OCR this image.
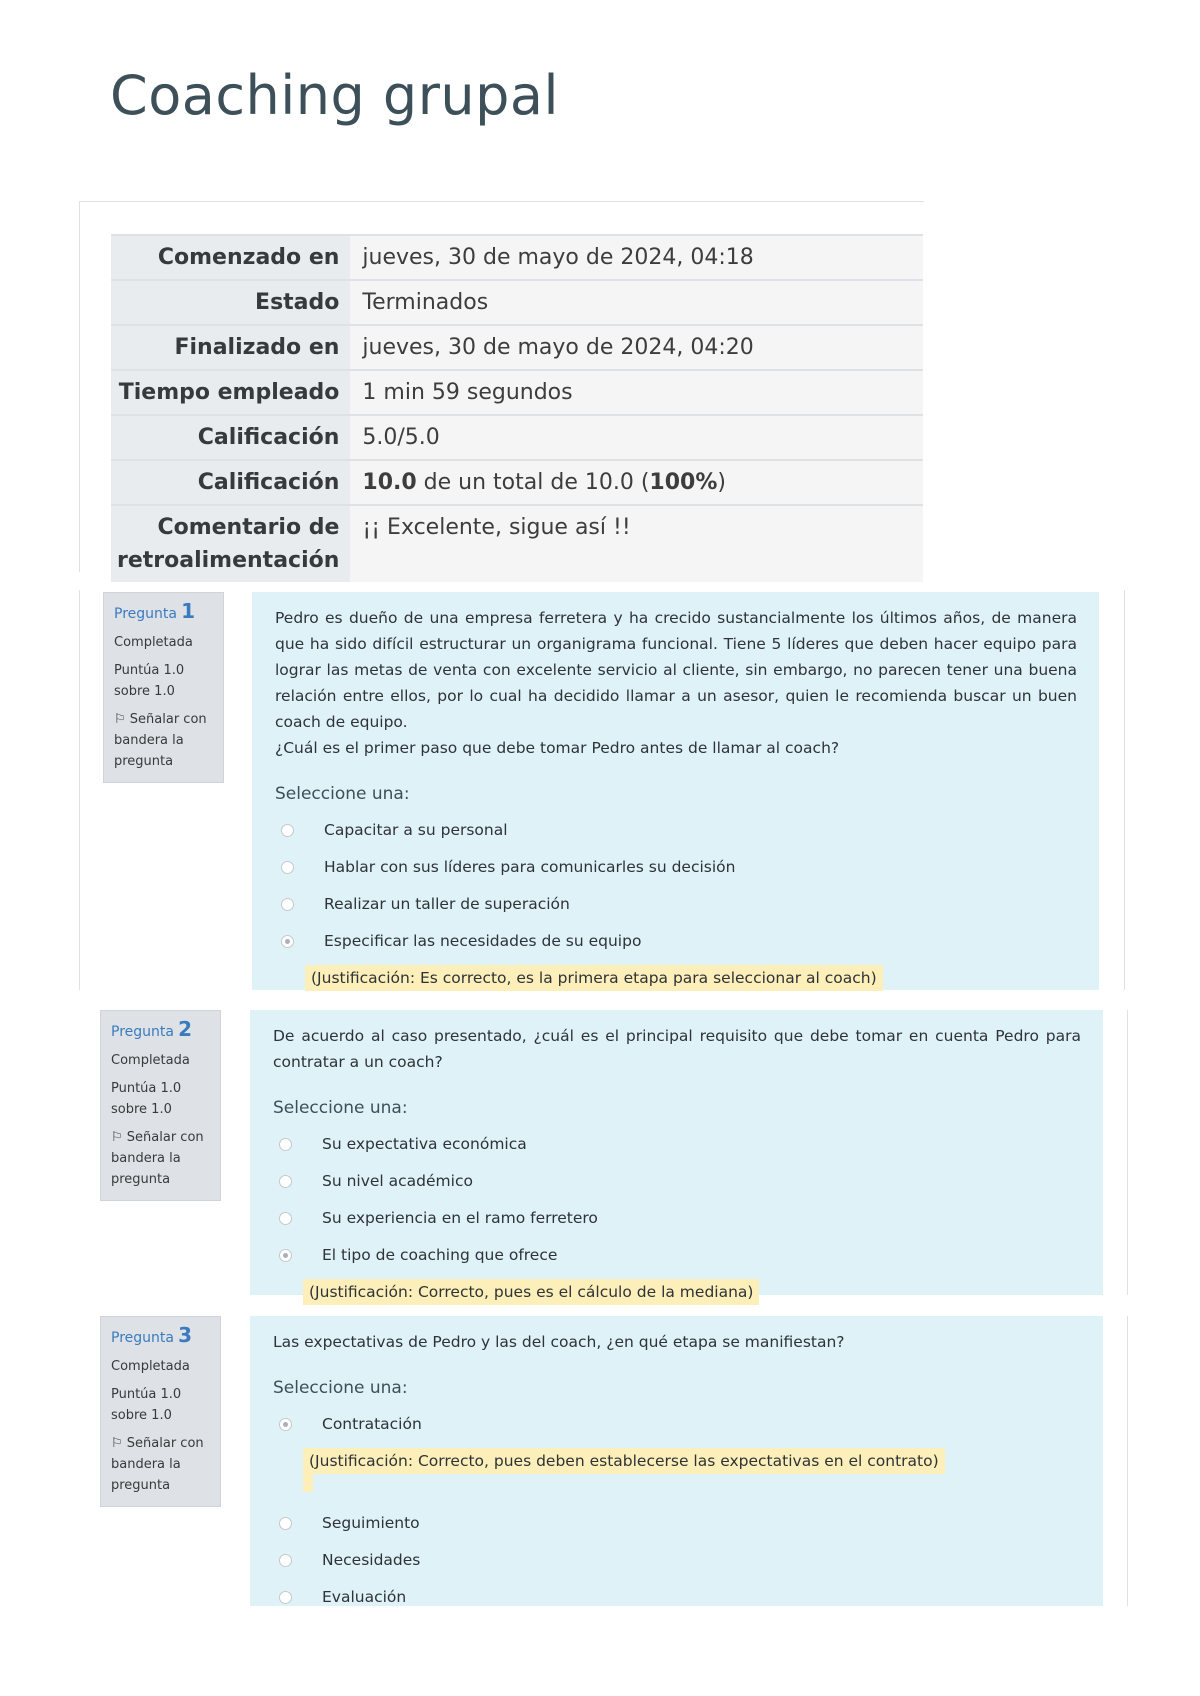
Coaching grupal
Comenzado en	jueves, 30 de mayo de 2024, 04:18
Estado	Terminados
Finalizado en	jueves, 30 de mayo de 2024, 04:20
Tiempo empleado	1 min 59 segundos
Calificación	5.0/5.0
Calificación	10.0 de un total de 10.0 (100%)
Comentario de retroalimentación	¡¡ Excelente, sigue así !!
Pregunta 1
Completada
Puntúa 1.0 sobre 1.0
⚐ Señalar con bandera la pregunta
Pedro es dueño de una empresa ferretera y ha crecido sustancialmente los últimos años, de manera que ha sido difícil estructurar un organigrama funcional. Tiene 5 líderes que deben hacer equipo para lograr las metas de venta con excelente servicio al cliente, sin embargo, no parecen tener una buena relación entre ellos, por lo cual ha decidido llamar a un asesor, quien le recomienda buscar un buen coach de equipo.
¿Cuál es el primer paso que debe tomar Pedro antes de llamar al coach?
Seleccione una:
Capacitar a su personal
Hablar con sus líderes para comunicarles su decisión
Realizar un taller de superación
Especificar las necesidades de su equipo
(Justificación: Es correcto, es la primera etapa para seleccionar al coach)
Pregunta 2
Completada
Puntúa 1.0 sobre 1.0
⚐ Señalar con bandera la pregunta
De acuerdo al caso presentado, ¿cuál es el principal requisito que debe tomar en cuenta Pedro para contratar a un coach?
Seleccione una:
Su expectativa económica
Su nivel académico
Su experiencia en el ramo ferretero
El tipo de coaching que ofrece
(Justificación: Correcto, pues es el cálculo de la mediana)
Pregunta 3
Completada
Puntúa 1.0 sobre 1.0
⚐ Señalar con bandera la pregunta
Las expectativas de Pedro y las del coach, ¿en qué etapa se manifiestan?
Seleccione una:
Contratación
(Justificación: Correcto, pues deben establecerse las expectativas en el contrato)
Seguimiento
Necesidades
Evaluación
